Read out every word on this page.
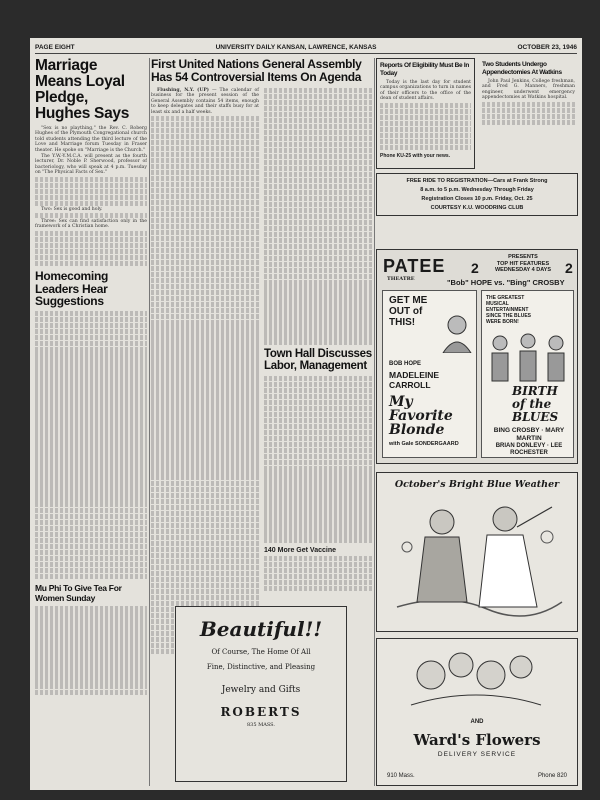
PAGE EIGHT	UNIVERSITY DAILY KANSAN, LAWRENCE, KANSAS	OCTOBER 23, 1946
Marriage Means Loyal Pledge, Hughes Says

"Sex is no plaything," the Rev. C. Roberg Hughes of the Plymouth Congregational church told students attending the third lecture of the Love and Marriage forum Tuesday in Fraser theater. He spoke on "Marriage is the Church."

The Y.W.-Y.M.C.A. will present as the fourth lecturer, Dr. Noble P. Sherwood, professor of bacteriology, who will speak at 4 p.m. Tuesday on "The Physical Facts of Sex."

Two: Sex is good and holy.

Three: Sex can find satisfaction only in the framework of a Christian home.

Homecoming Leaders Hear Suggestions
Mu Phi To Give Tea For Women Sunday
First United Nations General Assembly Has 54 Controversial Items On Agenda

Flushing, N.Y. (UP) — The calendar of business for the present session of the General Assembly contains 54 items, enough to keep delegates and their staffs busy for at least six and a half weeks.

Town Hall Discusses Labor, Management
140 More Get Vaccine
Beautiful!!
Of Course, The Home Of All
Fine, Distinctive, and Pleasing
Jewelry and Gifts
ROBERTS
835 MASS.
Reports Of Eligibility Must Be In Today

Today is the last day for student campus organizations to turn in names of their officers to the office of the dean of student affairs.

Phone KU-25 with your news.
Two Students Undergo Appendectomies At Watkins

John Paul Jenkins, College freshman, and Fred G. Manners, freshman engineer, underwent emergency appendectomies at Watkins hospital.

FREE RIDE TO REGISTRATION—Cars at Frank Strong
8 a.m. to 5 p.m. Wednesday Through Friday
Registration Closes 10 p.m. Friday, Oct. 25
COURTESY K.U. WOODRING CLUB
PATEE
THEATRE
2	2
PRESENTS
TOP HIT FEATURES
WEDNESDAY 4 DAYS
"Bob" HOPE vs. "Bing" CROSBY
GET ME OUT of THIS!
BOB HOPE
MADELEINE CARROLL
My Favorite Blonde
with Gale SONDERGAARD
THE GREATEST MUSICAL ENTERTAINMENT SINCE THE BLUES WERE BORN!
BIRTH of the BLUES
BING CROSBY · MARY MARTIN
BRIAN DONLEVY · LEE ROCHESTER
October's Bright Blue Weather
AND
Ward's Flowers
DELIVERY SERVICE
910 Mass.	Phone 820
